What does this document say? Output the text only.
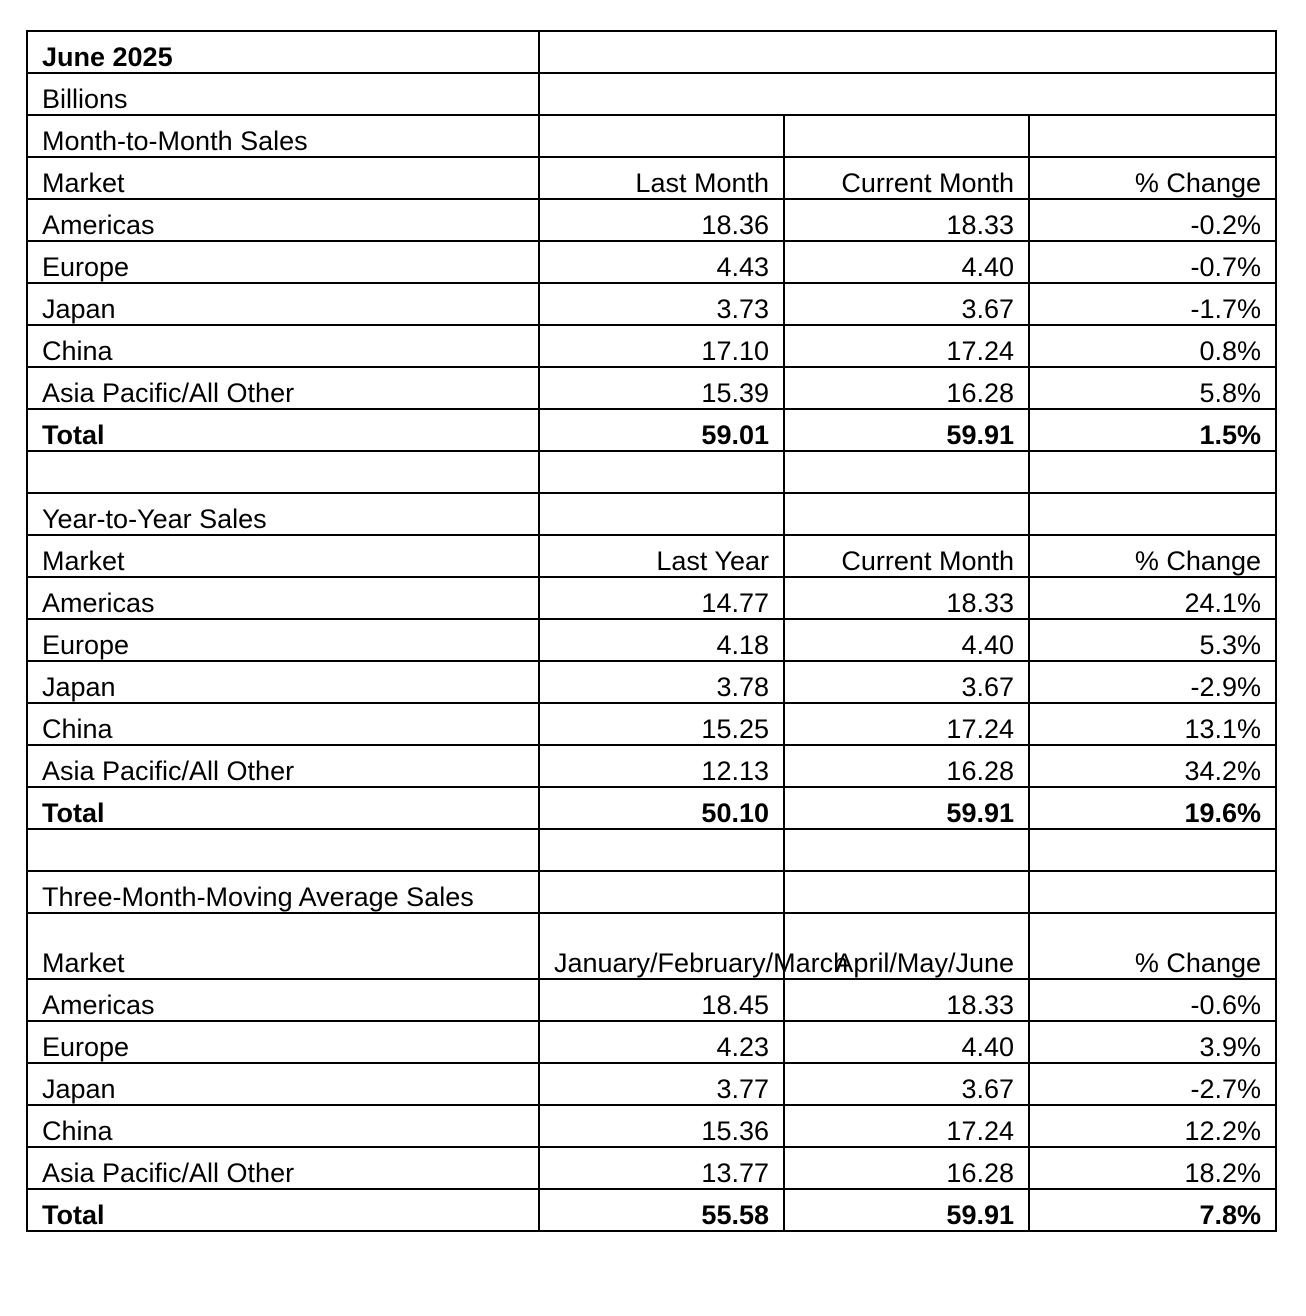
June 2025			
Billions			
Month-to-Month Sales			
Market	Last Month	Current Month	% Change
Americas	18.36	18.33	-0.2%
Europe	4.43	4.40	-0.7%
Japan	3.73	3.67	-1.7%
China	17.10	17.24	0.8%
Asia Pacific/All Other	15.39	16.28	5.8%
Total	59.01	59.91	1.5%

Year-to-Year Sales			
Market	Last Year	Current Month	% Change
Americas	14.77	18.33	24.1%
Europe	4.18	4.40	5.3%
Japan	3.78	3.67	-2.9%
China	15.25	17.24	13.1%
Asia Pacific/All Other	12.13	16.28	34.2%
Total	50.10	59.91	19.6%

Three-Month-Moving Average Sales			
Market	January/February/March	April/May/June	% Change
Americas	18.45	18.33	-0.6%
Europe	4.23	4.40	3.9%
Japan	3.77	3.67	-2.7%
China	15.36	17.24	12.2%
Asia Pacific/All Other	13.77	16.28	18.2%
Total	55.58	59.91	7.8%
